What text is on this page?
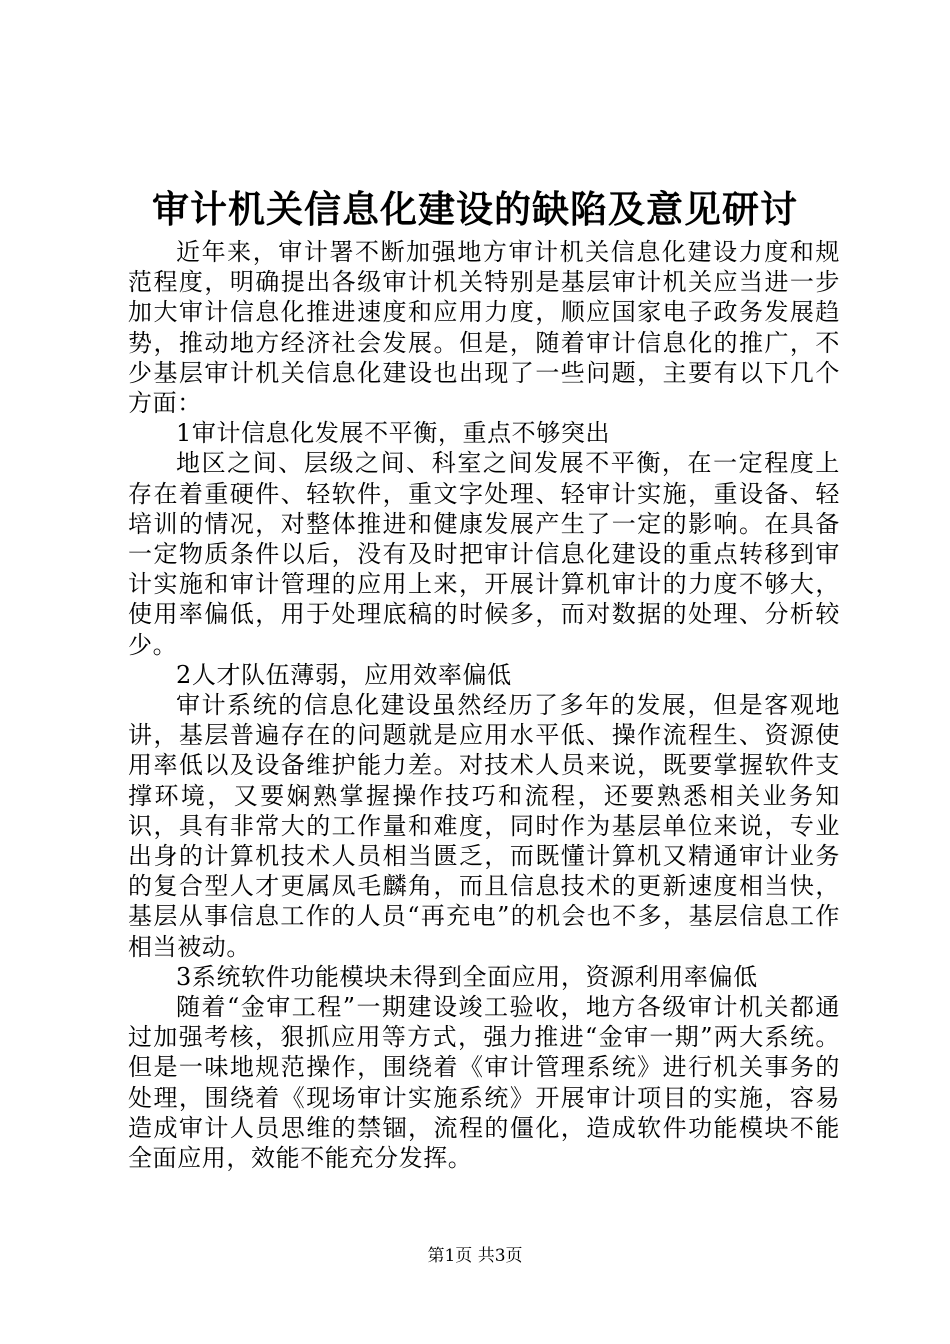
审计机关信息化建设的缺陷及意见研讨

近年来，审计署不断加强地方审计机关信息化建设力度和规范程度，明确提出各级审计机关特别是基层审计机关应当进一步加大审计信息化推进速度和应用力度，顺应国家电子政务发展趋势，推动地方经济社会发展。但是，随着审计信息化的推广，不少基层审计机关信息化建设也出现了一些问题，主要有以下几个方面：

1审计信息化发展不平衡，重点不够突出

地区之间、层级之间、科室之间发展不平衡，在一定程度上存在着重硬件、轻软件，重文字处理、轻审计实施，重设备、轻培训的情况，对整体推进和健康发展产生了一定的影响。在具备一定物质条件以后，没有及时把审计信息化建设的重点转移到审计实施和审计管理的应用上来，开展计算机审计的力度不够大，使用率偏低，用于处理底稿的时候多，而对数据的处理、分析较少。

2人才队伍薄弱，应用效率偏低

审计系统的信息化建设虽然经历了多年的发展，但是客观地讲，基层普遍存在的问题就是应用水平低、操作流程生、资源使用率低以及设备维护能力差。对技术人员来说，既要掌握软件支撑环境，又要娴熟掌握操作技巧和流程，还要熟悉相关业务知识，具有非常大的工作量和难度，同时作为基层单位来说，专业出身的计算机技术人员相当匮乏，而既懂计算机又精通审计业务的复合型人才更属凤毛麟角，而且信息技术的更新速度相当快，基层从事信息工作的人员“再充电”的机会也不多，基层信息工作相当被动。

3系统软件功能模块未得到全面应用，资源利用率偏低

随着“金审工程”一期建设竣工验收，地方各级审计机关都通过加强考核，狠抓应用等方式，强力推进“金审一期”两大系统。但是一味地规范操作，围绕着《审计管理系统》进行机关事务的处理，围绕着《现场审计实施系统》开展审计项目的实施，容易造成审计人员思维的禁锢，流程的僵化，造成软件功能模块不能全面应用，效能不能充分发挥。

第1页 共3页
